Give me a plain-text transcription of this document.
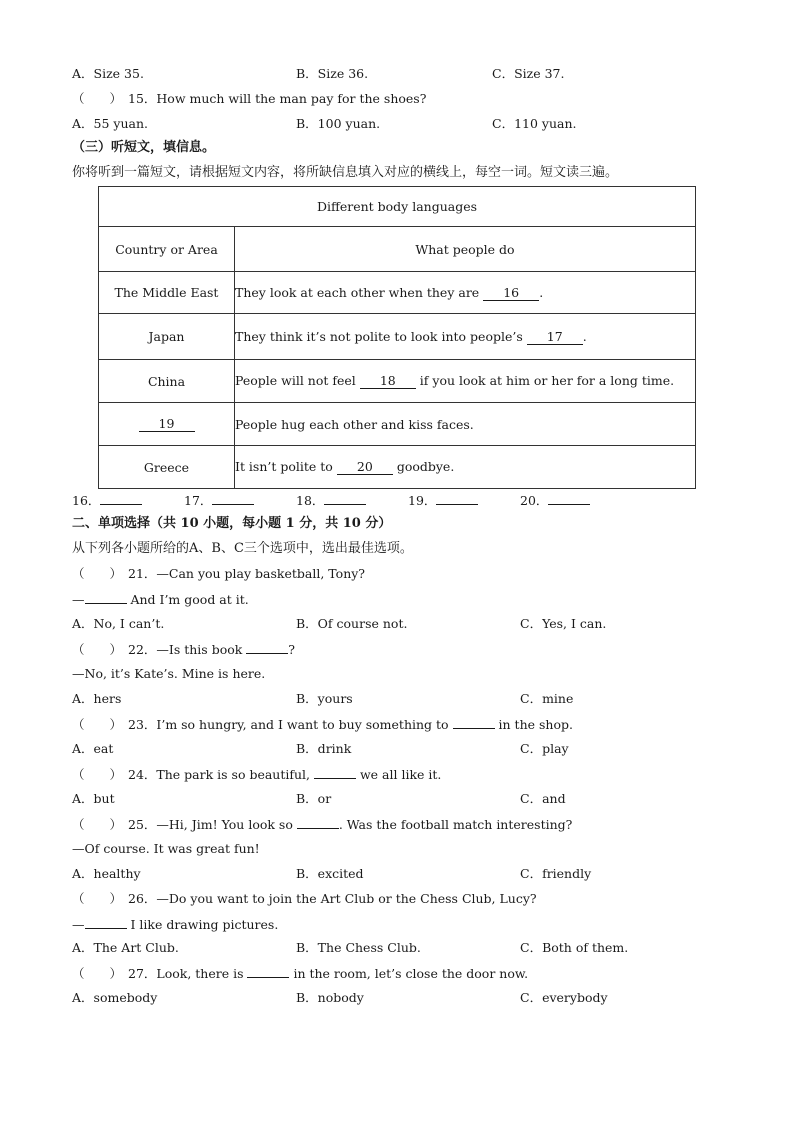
A．Size 35.	B．Size 36.	C．Size 37.
（　　） 15．How much will the man pay for the shoes?
A．55 yuan.	B．100 yuan.	C．110 yuan.
（三）听短文，填信息。
你将听到一篇短文，请根据短文内容，将所缺信息填入对应的横线上，每空一词。短文读三遍。
Different body languages	
Country or Area	What people do
The Middle East	They look at each other when they are 16 .
Japan	They think it’s not polite to look into people’s 17 .
China	People will not feel 18 if you look at him or her for a long time.
19	People hug each other and kiss faces.
Greece	It isn’t polite to 20 goodbye.
16．	17．	18．	19．	20．
二、单项选择（共 10 小题，每小题 1 分，共 10 分）
从下列各小题所给的A、B、C三个选项中，选出最佳选项。
（　　） 21．—Can you play basketball, Tony?
—	And I’m good at it.
A．No, I can’t.	B．Of course not.	C．Yes, I can.
（　　） 22．—Is this book	?
—No, it’s Kate’s. Mine is here.
A．hers	B．yours	C．mine
（　　） 23．I’m so hungry, and I want to buy something to	in the shop.
A．eat	B．drink	C．play
（　　） 24．The park is so beautiful,	we all like it.
A．but	B．or	C．and
（　　） 25．—Hi, Jim! You look so	. Was the football match interesting?
—Of course. It was great fun!
A．healthy	B．excited	C．friendly
（　　） 26．—Do you want to join the Art Club or the Chess Club, Lucy?
—	I like drawing pictures.
A．The Art Club.	B．The Chess Club.	C．Both of them.
（　　） 27．Look, there is	in the room, let’s close the door now.
A．somebody	B．nobody	C．everybody
